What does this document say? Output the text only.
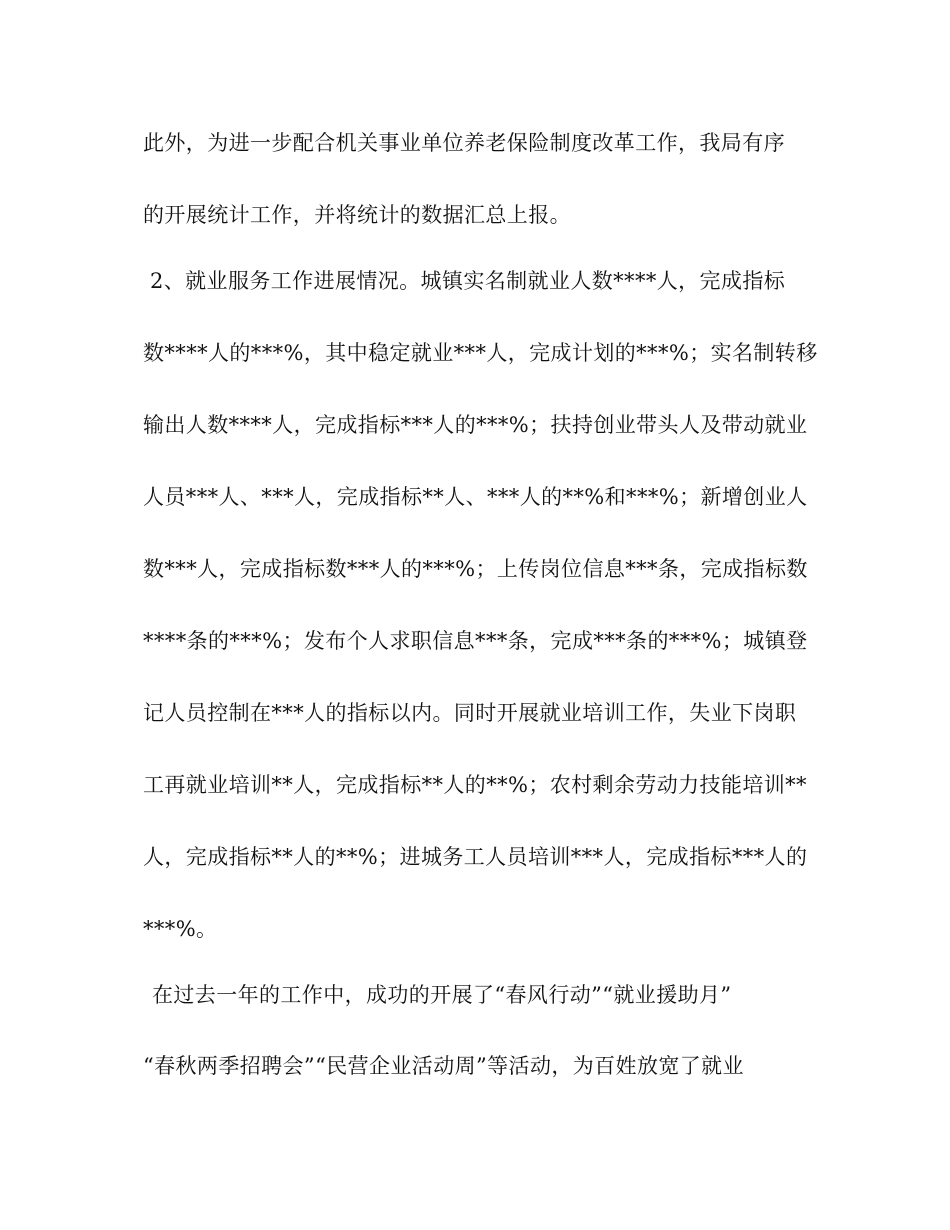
此外，为进一步配合机关事业单位养老保险制度改革工作，我局有序
的开展统计工作，并将统计的数据汇总上报。
2、就业服务工作进展情况。城镇实名制就业人数****人，完成指标
数****人的***%，其中稳定就业***人，完成计划的***%；实名制转移
输出人数****人，完成指标***人的***%；扶持创业带头人及带动就业
人员***人、***人，完成指标**人、***人的**%和***%；新增创业人
数***人，完成指标数***人的***%；上传岗位信息***条，完成指标数
****条的***%；发布个人求职信息***条，完成***条的***%；城镇登
记人员控制在***人的指标以内。同时开展就业培训工作，失业下岗职
工再就业培训**人，完成指标**人的**%；农村剩余劳动力技能培训**
人，完成指标**人的**%；进城务工人员培训***人，完成指标***人的
***%。
在过去一年的工作中，成功的开展了“春风行动”“就业援助月”
“春秋两季招聘会”“民营企业活动周”等活动，为百姓放宽了就业
